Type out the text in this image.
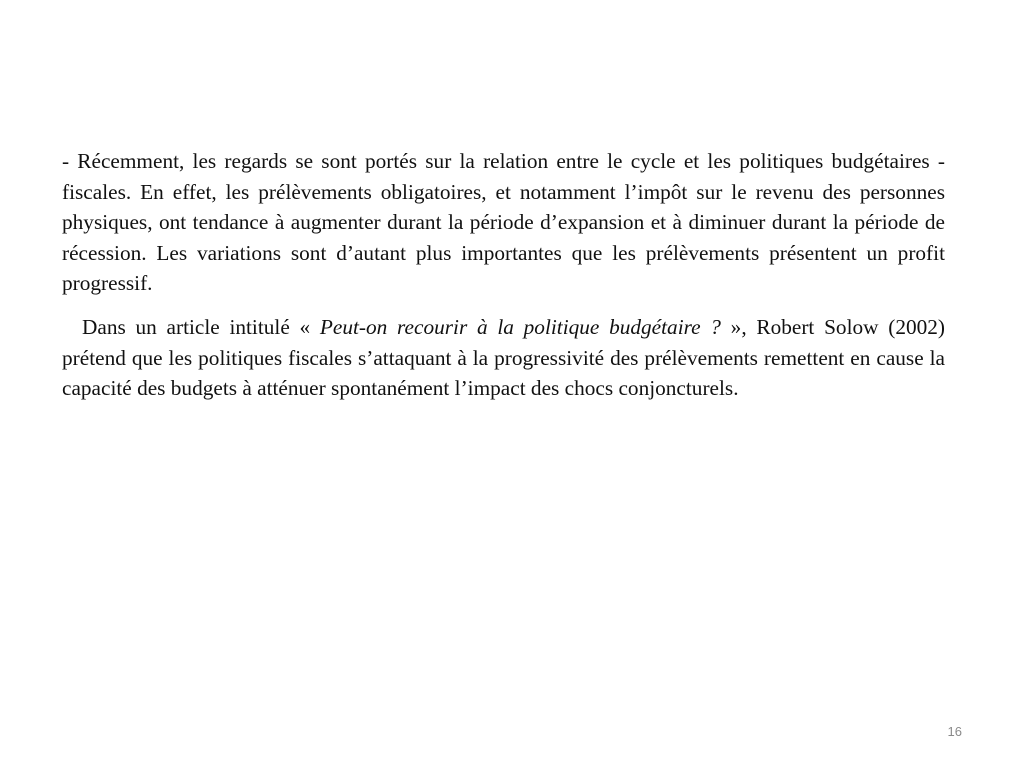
- Récemment, les regards se sont portés sur la relation entre le cycle et les politiques budgétaires - fiscales. En effet, les prélèvements obligatoires, et notamment l’impôt sur le revenu des personnes physiques, ont tendance à augmenter durant la période d’expansion et à diminuer durant la période de récession. Les variations sont d’autant plus importantes que les prélèvements présentent un profit progressif.

Dans un article intitulé « Peut-on recourir à la politique budgétaire ? », Robert Solow (2002) prétend que les politiques fiscales s’attaquant à la progressivité des prélèvements remettent en cause la capacité des budgets à atténuer spontanément l’impact des chocs conjoncturels.

16
